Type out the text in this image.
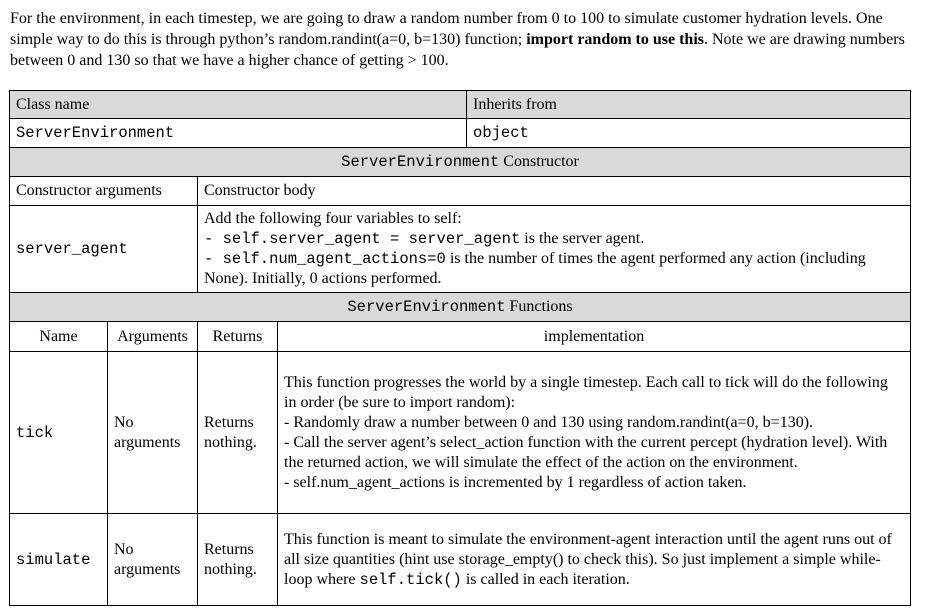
For the environment, in each timestep, we are going to draw a random number from 0 to 100 to simulate customer hydration levels. One simple way to do this is through python’s random.randint(a=0, b=130) function; import random to use this. Note we are drawing numbers between 0 and 130 so that we have a higher chance of getting > 100.
Class name				Inherits from
ServerEnvironment				object
ServerEnvironment Constructor				
Constructor arguments		Constructor body		
server_agent		Add the following four variables to self:
- self.server_agent = server_agent is the server agent.
- self.num_agent_actions=0 is the number of times the agent performed any action (including None). Initially, 0 actions performed.		

ServerEnvironment Functions				
Name	Arguments	Returns	implementation	
tick	No arguments	Returns nothing.	This function progresses the world by a single timestep. Each call to tick will do the following in order (be sure to import random):
- Randomly draw a number between 0 and 130 using random.randint(a=0, b=130).
- Call the server agent’s select_action function with the current percept (hydration level). With the returned action, we will simulate the effect of the action on the environment.
- self.num_agent_actions is incremented by 1 regardless of action taken.	

simulate	No arguments	Returns nothing.	This function is meant to simulate the environment-agent interaction until the agent runs out of all size quantities (hint use storage_empty() to check this). So just implement a simple while-loop where self.tick() is called in each iteration.	
